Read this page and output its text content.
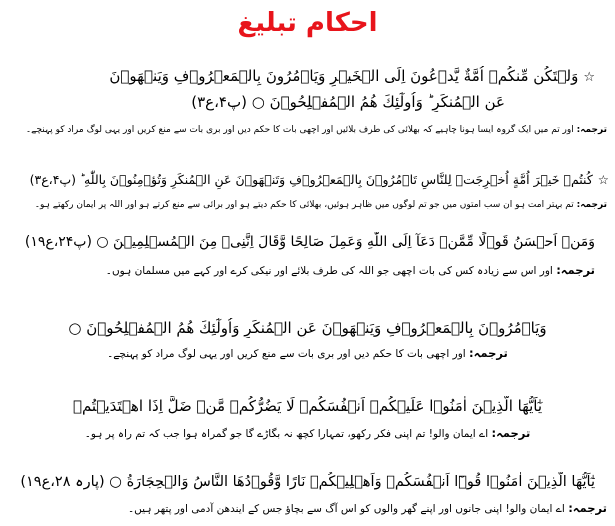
احکام تبلیغ
☆وَلۡتَكُن مِّنكُمۡ اُمَّةٌ يَّدۡعُونَ اِلَى الۡخَيۡرِ وَيَاۡمُرُونَ بِالۡمَعۡرُوۡفِ وَيَنۡهَوۡنَ
عَنِ الۡمُنكَرِ ؕ وَاُولٰٓئِكَ هُمُ الۡمُفۡلِحُوۡنَ ○ (پ۴،ع۳)
ترجمہ: اور تم میں ایک گروہ ایسا ہونا چاہیے کہ بھلائی کی طرف بلائیں اور اچھی بات کا حکم دیں اور بری بات سے منع کریں اور یہی لوگ مراد کو پہنچے۔
☆كُنتُمۡ خَيۡرَ اُمَّةٍ اُخۡرِجَتۡ لِلنَّاسِ تَاۡمُرُوۡنَ بِالۡمَعۡرُوۡفِ وَتَنۡهَوۡنَ عَنِ الۡمُنكَرِ وَتُؤۡمِنُوۡنَ بِاللّٰهِ ؕ (پ۴،ع۳)
ترجمہ: تم بہتر امت ہو ان سب امتوں میں جو تم لوگوں میں ظاہر ہوئیں، بھلائی کا حکم دیتے ہو اور برائی سے منع کرتے ہو اور اللہ پر ایمان رکھتے ہو۔
وَمَنۡ اَحۡسَنُ قَوۡلًا مِّمَّنۡ دَعَآ اِلَى اللّٰهِ وَعَمِلَ صَالِحًا وَّقَالَ اِنَّنِىۡ مِنَ الۡمُسۡلِمِيۡنَ ○ (پ۲۴،ع۱۹)
ترجمہ: اور اس سے زیادہ کس کی بات اچھی جو اللہ کی طرف بلائے اور نیکی کرے اور کہے میں مسلمان ہوں۔
وَيَاۡمُرُوۡنَ بِالۡمَعۡرُوۡفِ وَيَنۡهَوۡنَ عَنِ الۡمُنكَرِ وَاُولٰٓئِكَ هُمُ الۡمُفۡلِحُوۡنَ ○
ترجمہ: اور اچھی بات کا حکم دیں اور بری بات سے منع کریں اور یہی لوگ مراد کو پہنچے۔
يٰٓاَيُّهَا الَّذِيۡنَ اٰمَنُوۡا عَلَيۡكُمۡ اَنۡفُسَكُمۡ لَا يَضُرُّكُمۡ مَّنۡ ضَلَّ اِذَا اهۡتَدَيۡتُمۡ
ترجمہ: اے ایمان والو! تم اپنی فکر رکھو، تمہارا کچھ نہ بگاڑے گا جو گمراہ ہوا جب کہ تم راہ پر ہو۔
يٰٓاَيُّهَا الَّذِيۡنَ اٰمَنُوۡا قُوۡٓا اَنۡفُسَكُمۡ وَاَهۡلِيۡكُمۡ نَارًا وَّقُوۡدُهَا النَّاسُ وَالۡحِجَارَةُ ○ (پارہ ۲۸،ع۱۹)
ترجمہ: اے ایمان والو! اپنی جانوں اور اپنے گھر والوں کو اس آگ سے بچاؤ جس کے ایندھن آدمی اور پتھر ہیں۔
